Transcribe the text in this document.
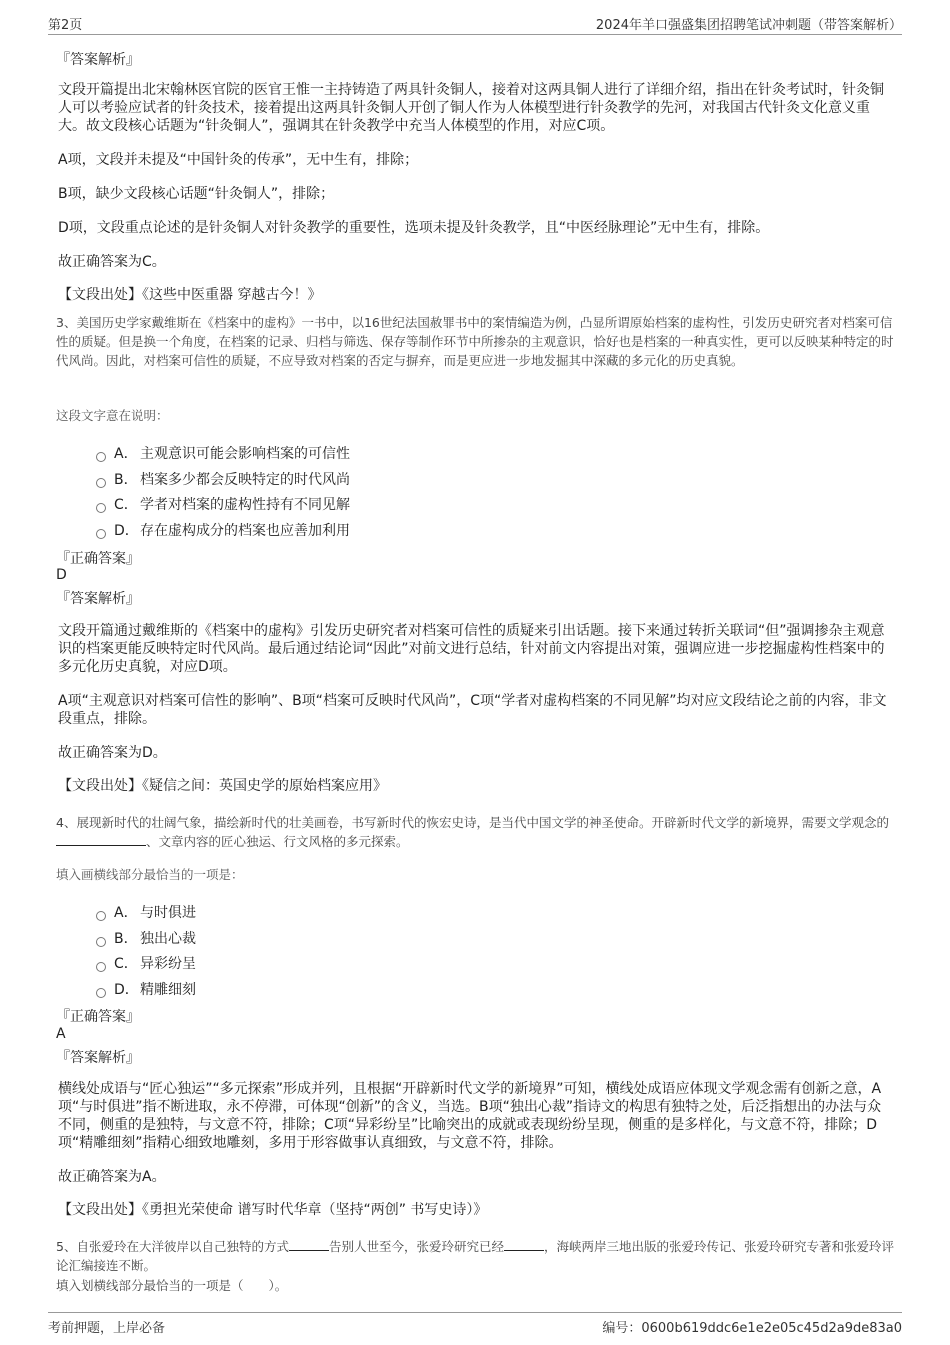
第2页	2024年羊口强盛集团招聘笔试冲刺题（带答案解析）
『答案解析』
文段开篇提出北宋翰林医官院的医官王惟一主持铸造了两具针灸铜人，接着对这两具铜人进行了详细介绍，指出在针灸考试时，针灸铜人可以考验应试者的针灸技术，接着提出这两具针灸铜人开创了铜人作为人体模型进行针灸教学的先河，对我国古代针灸文化意义重大。故文段核心话题为“针灸铜人”，强调其在针灸教学中充当人体模型的作用，对应C项。
A项，文段并未提及“中国针灸的传承”，无中生有，排除；
B项，缺少文段核心话题“针灸铜人”，排除；
D项，文段重点论述的是针灸铜人对针灸教学的重要性，选项未提及针灸教学，且“中医经脉理论”无中生有，排除。
故正确答案为C。
【文段出处】《这些中医重器 穿越古今！》
3、美国历史学家戴维斯在《档案中的虚构》一书中，以16世纪法国赦罪书中的案情编造为例，凸显所谓原始档案的虚构性，引发历史研究者对档案可信性的质疑。但是换一个角度，在档案的记录、归档与筛选、保存等制作环节中所掺杂的主观意识，恰好也是档案的一种真实性，更可以反映某种特定的时代风尚。因此，对档案可信性的质疑，不应导致对档案的否定与摒弃，而是更应进一步地发掘其中深藏的多元化的历史真貌。
这段文字意在说明：
A． 主观意识可能会影响档案的可信性
B． 档案多少都会反映特定的时代风尚
C． 学者对档案的虚构性持有不同见解
D．存在虚构成分的档案也应善加利用
『正确答案』
D
『答案解析』
文段开篇通过戴维斯的《档案中的虚构》引发历史研究者对档案可信性的质疑来引出话题。接下来通过转折关联词“但”强调掺杂主观意识的档案更能反映特定时代风尚。最后通过结论词“因此”对前文进行总结，针对前文内容提出对策，强调应进一步挖掘虚构性档案中的多元化历史真貌，对应D项。
A项“主观意识对档案可信性的影响”、B项“档案可反映时代风尚”，C项“学者对虚构档案的不同见解”均对应文段结论之前的内容，非文段重点，排除。
故正确答案为D。
【文段出处】《疑信之间：英国史学的原始档案应用》
4、展现新时代的壮阔气象，描绘新时代的壮美画卷，书写新时代的恢宏史诗，是当代中国文学的神圣使命。开辟新时代文学的新境界，需要文学观念的、文章内容的匠心独运、行文风格的多元探索。
填入画横线部分最恰当的一项是：
A． 与时俱进
B． 独出心裁
C． 异彩纷呈
D．精雕细刻
『正确答案』
A
『答案解析』
横线处成语与“匠心独运”“多元探索”形成并列，且根据“开辟新时代文学的新境界”可知，横线处成语应体现文学观念需有创新之意，A项“与时俱进”指不断进取，永不停滞，可体现“创新”的含义，当选。B项“独出心裁”指诗文的构思有独特之处，后泛指想出的办法与众不同，侧重的是独特，与文意不符，排除；C项“异彩纷呈”比喻突出的成就或表现纷纷呈现，侧重的是多样化，与文意不符，排除；D项“精雕细刻”指精心细致地雕刻，多用于形容做事认真细致，与文意不符，排除。
故正确答案为A。
【文段出处】《勇担光荣使命 谱写时代华章（坚持“两创” 书写史诗）》
5、自张爱玲在大洋彼岸以自己独特的方式	告别人世至今，张爱玲研究已经	，海峡两岸三地出版的张爱玲传记、张爱玲研究专著和张爱玲评论汇编接连不断。
填入划横线部分最恰当的一项是（　　）。
考前押题，上岸必备	编号：0600b619ddc6e1e2e05c45d2a9de83a0
